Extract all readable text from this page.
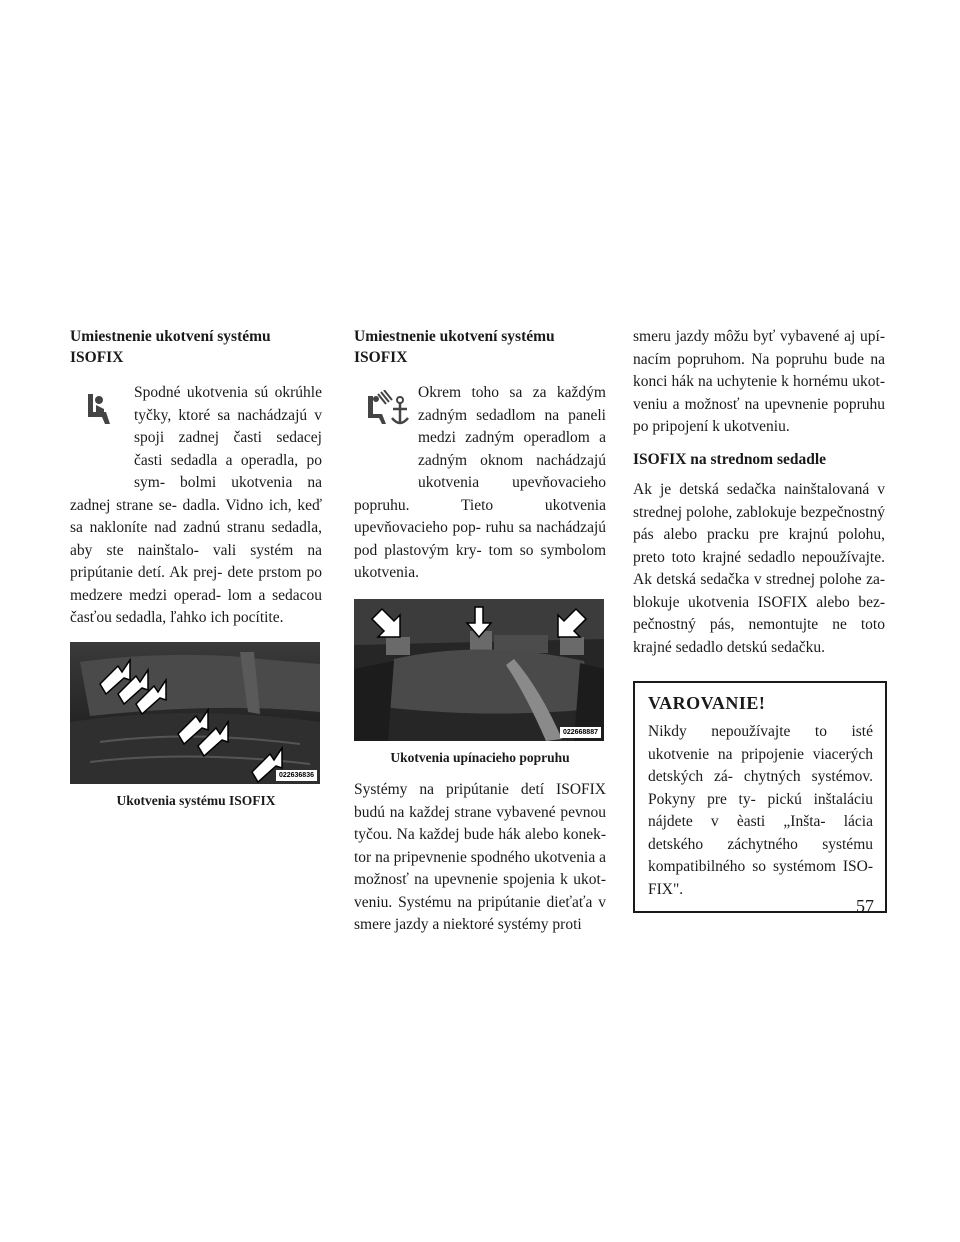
Umiestnenie ukotvení systému ISOFIX

Spodné ukotvenia sú okrúhle tyčky, ktoré sa nachádzajú v spoji zadnej časti sedacej časti sedadla a operadla, po sym- bolmi ukotvenia na zadnej strane se- dadla. Vidno ich, keď sa nakloníte nad zadnú stranu sedadla, aby ste nainštalo- vali systém na pripútanie detí. Ak prej- dete prstom po medzere medzi operad- lom a sedacou časťou sedadla, ľahko ich pocítite.

022636836
Ukotvenia systému ISOFIX
Umiestnenie ukotvení systému ISOFIX

Okrem toho sa za každým zadným sedadlom na paneli medzi zadným operadlom a zadným oknom nachádzajú ukotvenia upevňovacieho popruhu. Tieto ukotvenia upevňovacieho pop- ruhu sa nachádzajú pod plastovým kry- tom so symbolom ukotvenia.

022668887
Ukotvenia upínacieho popruhu

Systémy na pripútanie detí ISOFIX budú na každej strane vybavené pevnou tyčou. Na každej bude hák alebo konek- tor na pripevnenie spodného ukotvenia a možnosť na upevnenie spojenia k ukot- veniu. Systému na pripútanie dieťaťa v smere jazdy a niektoré systémy proti

smeru jazdy môžu byť vybavené aj upí- nacím popruhom. Na popruhu bude na konci hák na uchytenie k hornému ukot- veniu a možnosť na upevnenie popruhu po pripojení k ukotveniu.

ISOFIX na strednom sedadle

Ak je detská sedačka nainštalovaná v strednej polohe, zablokuje bezpečnostný pás alebo pracku pre krajnú polohu, preto toto krajné sedadlo nepoužívajte. Ak detská sedačka v strednej polohe za- blokuje ukotvenia ISOFIX alebo bez- pečnostný pás, nemontujte ne toto krajné sedadlo detskú sedačku.

VAROVANIE!

Nikdy nepoužívajte to isté ukotvenie na pripojenie viacerých detských zá- chytných systémov. Pokyny pre ty- pickú inštaláciu nájdete v èasti „Inšta- lácia detského záchytného systému kompatibilného so systémom ISO- FIX".

57
